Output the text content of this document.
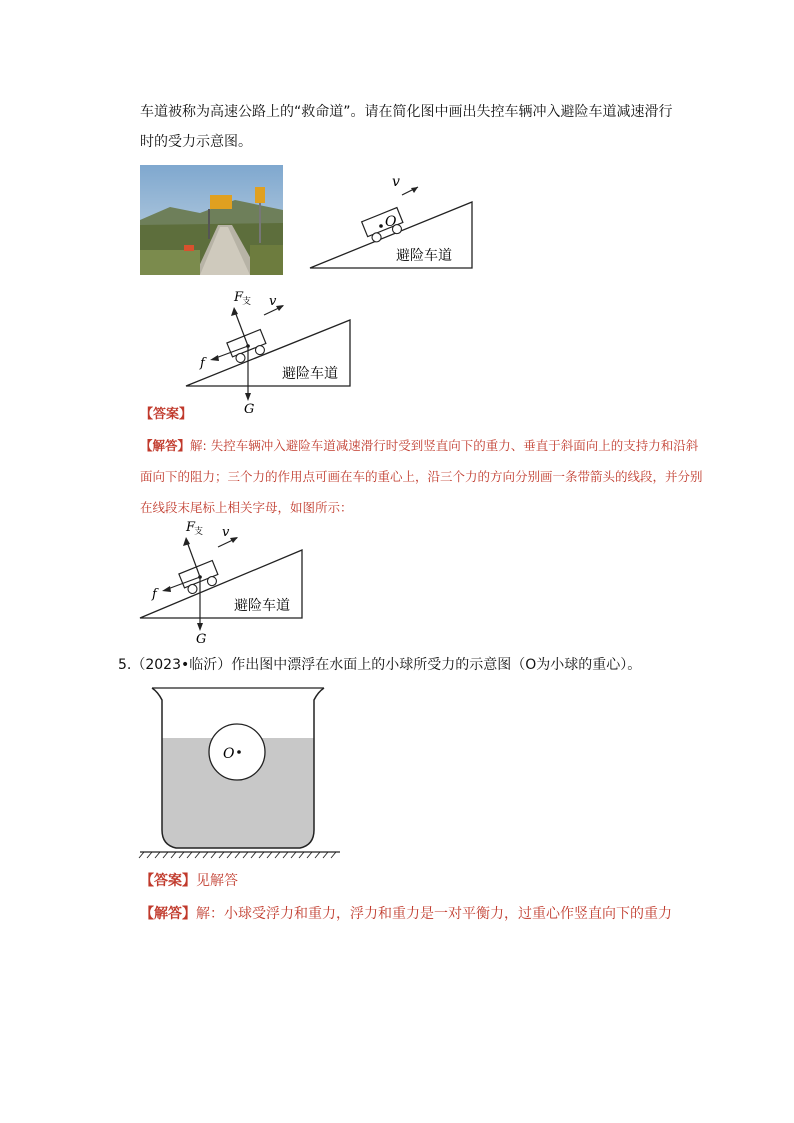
车道被称为高速公路上的“救命道”。请在简化图中画出失控车辆冲入避险车道减速滑行
时的受力示意图。
O
v
避险车道
F
支
f
G
v
避险车道
【答案】
【解答】解: 失控车辆冲入避险车道减速滑行时受到竖直向下的重力、垂直于斜面向上的支持力和沿斜
面向下的阻力；三个力的作用点可画在车的重心上，沿三个力的方向分别画一条带箭头的线段，并分别
在线段末尾标上相关字母，如图所示：
F
支
f
G
v
避险车道
5.（2023•临沂）作出图中漂浮在水面上的小球所受力的示意图（O为小球的重心）。
O
【答案】见解答
【解答】解：小球受浮力和重力，浮力和重力是一对平衡力，过重心作竖直向下的重力
